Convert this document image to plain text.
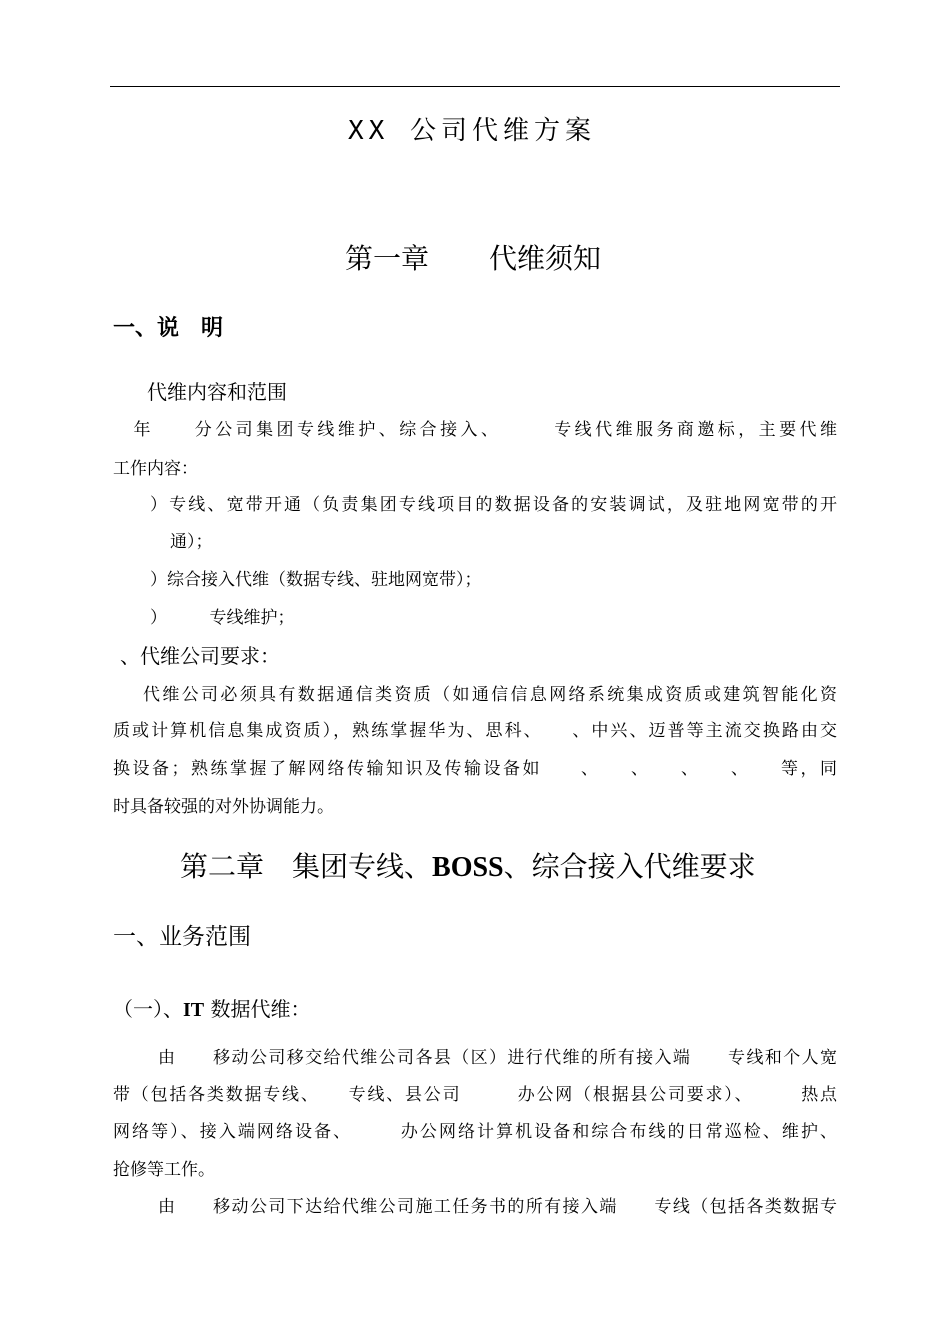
XX 公司代维方案
第一章 代维须知
一、说　明
代维内容和范围
　年　　分公司集团专线维护、综合接入、　　　专线代维服务商邀标，主要代维
工作内容：
）专线、宽带开通（负责集团专线项目的数据设备的安装调试，及驻地网宽带的开
通）；
）综合接入代维（数据专线、驻地网宽带）；
）　　　专线维护；
、代维公司要求：
代维公司必须具有数据通信类资质（如通信信息网络系统集成资质或建筑智能化资
质或计算机信息集成资质），熟练掌握华为、思科、　　、中兴、迈普等主流交换路由交
换设备；熟练掌握了解网络传输知识及传输设备如　　、　　、　　、　　、　　等，同
时具备较强的对外协调能力。
第二章　集团专线、BOSS、综合接入代维要求
一、业务范围
（一）、IT 数据代维：
由　　移动公司移交给代维公司各县（区）进行代维的所有接入端　　专线和个人宽
带（包括各类数据专线、　　专线、县公司　　　办公网（根据县公司要求）、　　　热点
网络等）、接入端网络设备、　　　办公网络计算机设备和综合布线的日常巡检、维护、
抢修等工作。
由　　移动公司下达给代维公司施工任务书的所有接入端　　专线（包括各类数据专
